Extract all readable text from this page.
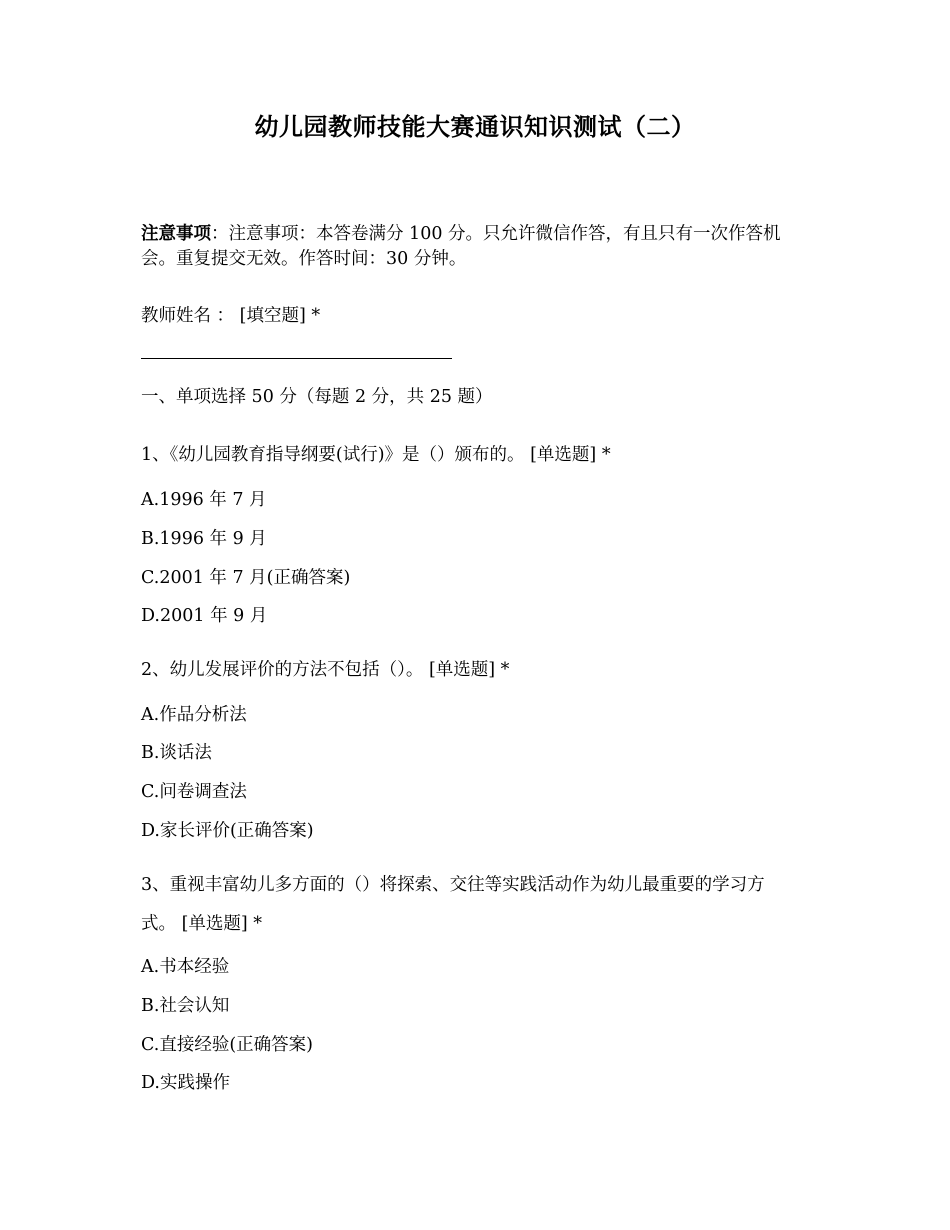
幼儿园教师技能大赛通识知识测试（二）
注意事项：注意事项：本答卷满分 100 分。只允许微信作答，有且只有一次作答机
会。重复提交无效。作答时间：30 分钟。
教师姓名 ： [填空题] *
一、单项选择 50 分（每题 2 分，共 25 题）
1、《幼儿园教育指导纲要(试行)》是（）颁布的。 [单选题] *
A.1996 年 7 月
B.1996 年 9 月
C.2001 年 7 月(正确答案)
D.2001 年 9 月
2、幼儿发展评价的方法不包括（）。 [单选题] *
A.作品分析法
B.谈话法
C.问卷调查法
D.家长评价(正确答案)
3、重视丰富幼儿多方面的（）将探索、交往等实践活动作为幼儿最重要的学习方
式。 [单选题] *
A.书本经验
B.社会认知
C.直接经验(正确答案)
D.实践操作
